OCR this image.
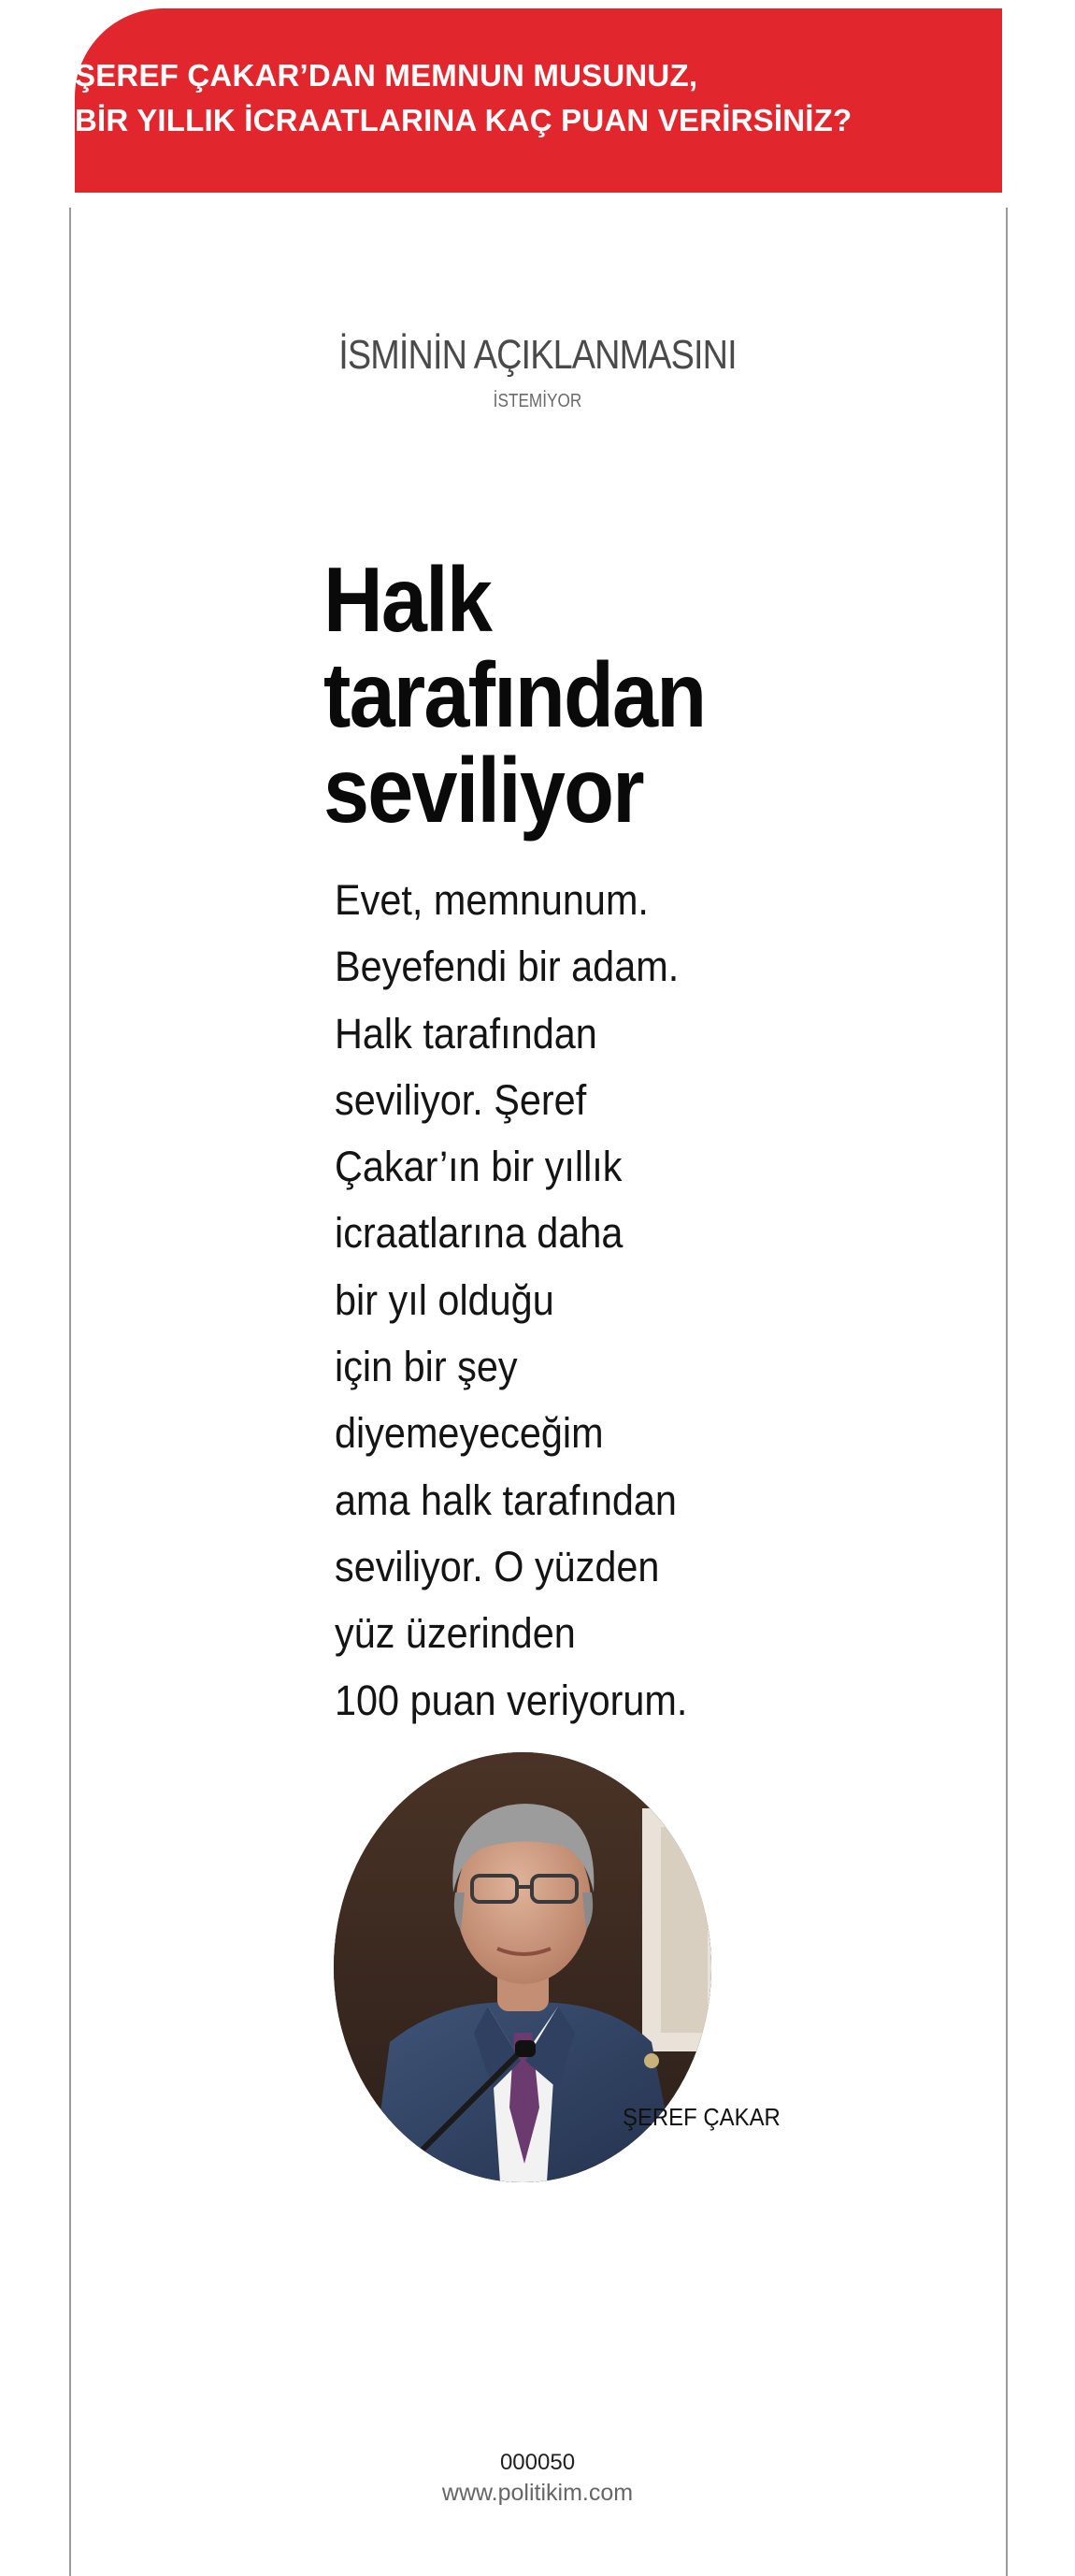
ŞEREF ÇAKAR’DAN MEMNUN MUSUNUZ,

BİR YILLIK İCRAATLARINA KAÇ PUAN VERİRSİNİZ?

İSMİNİN AÇIKLANMASINI

İSTEMİYOR

Halk
tarafından
seviliyor

Evet, memnunum.
Beyefendi bir adam.
Halk tarafından
seviliyor. Şeref
Çakar’ın bir yıllık
icraatlarına daha
bir yıl olduğu
için bir şey
diyemeyeceğim
ama halk tarafından
seviliyor. O yüzden
yüz üzerinden
100 puan veriyorum.

ŞEREF ÇAKAR

000050

www.politikim.com
